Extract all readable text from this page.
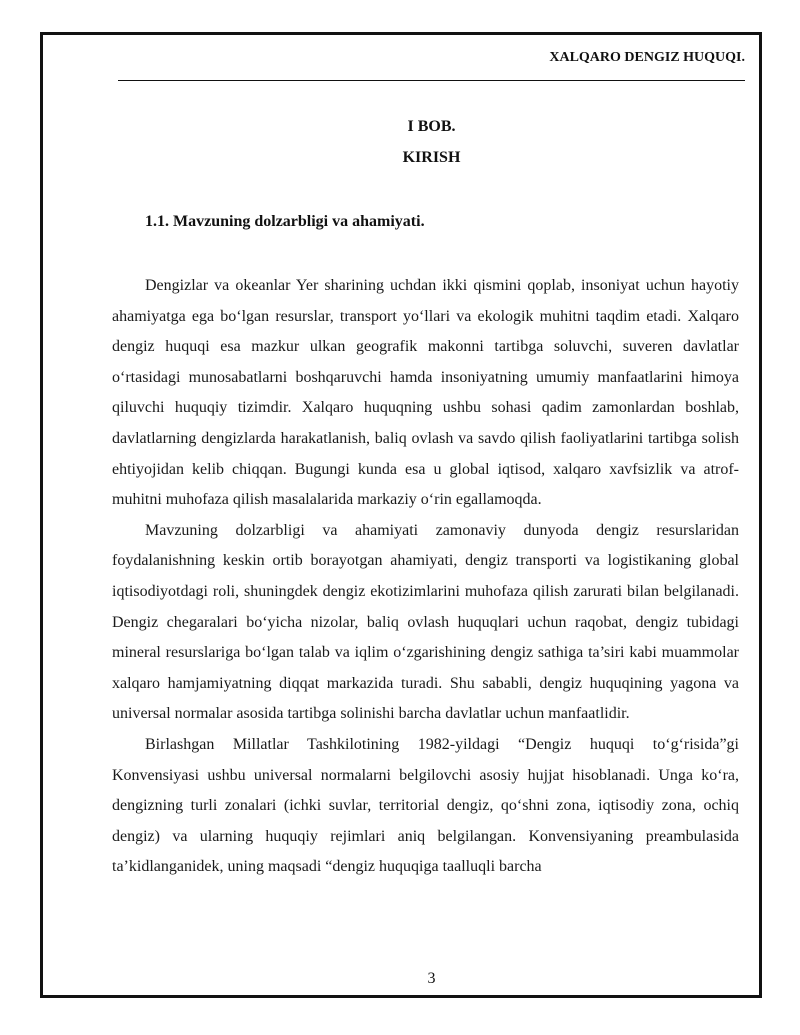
XALQARO DENGIZ HUQUQI.
I BOB.
KIRISH
1.1. Mavzuning dolzarbligi va ahamiyati.

Dengizlar va okeanlar Yer sharining uchdan ikki qismini qoplab, insoniyat uchun hayotiy ahamiyatga ega bo‘lgan resurslar, transport yo‘llari va ekologik muhitni taqdim etadi. Xalqaro dengiz huquqi esa mazkur ulkan geografik makonni tartibga soluvchi, suveren davlatlar o‘rtasidagi munosabatlarni boshqaruvchi hamda insoniyatning umumiy manfaatlarini himoya qiluvchi huquqiy tizimdir. Xalqaro huquqning ushbu sohasi qadim zamonlardan boshlab, davlatlarning dengizlarda harakatlanish, baliq ovlash va savdo qilish faoliyatlarini tartibga solish ehtiyojidan kelib chiqqan. Bugungi kunda esa u global iqtisod, xalqaro xavfsizlik va atrof-muhitni muhofaza qilish masalalarida markaziy o‘rin egallamoqda.

Mavzuning dolzarbligi va ahamiyati zamonaviy dunyoda dengiz resurslaridan foydalanishning keskin ortib borayotgan ahamiyati, dengiz transporti va logistikaning global iqtisodiyotdagi roli, shuningdek dengiz ekotizimlarini muhofaza qilish zarurati bilan belgilanadi. Dengiz chegaralari bo‘yicha nizolar, baliq ovlash huquqlari uchun raqobat, dengiz tubidagi mineral resurslariga bo‘lgan talab va iqlim o‘zgarishining dengiz sathiga ta’siri kabi muammolar xalqaro hamjamiyatning diqqat markazida turadi. Shu sababli, dengiz huquqining yagona va universal normalar asosida tartibga solinishi barcha davlatlar uchun manfaatlidir.

Birlashgan Millatlar Tashkilotining 1982-yildagi “Dengiz huquqi to‘g‘risida”gi Konvensiyasi ushbu universal normalarni belgilovchi asosiy hujjat hisoblanadi. Unga ko‘ra, dengizning turli zonalari (ichki suvlar, territorial dengiz, qo‘shni zona, iqtisodiy zona, ochiq dengiz) va ularning huquqiy rejimlari aniq belgilangan. Konvensiyaning preambulasida ta’kidlanganidek, uning maqsadi “dengiz huquqiga taalluqli barcha

3
